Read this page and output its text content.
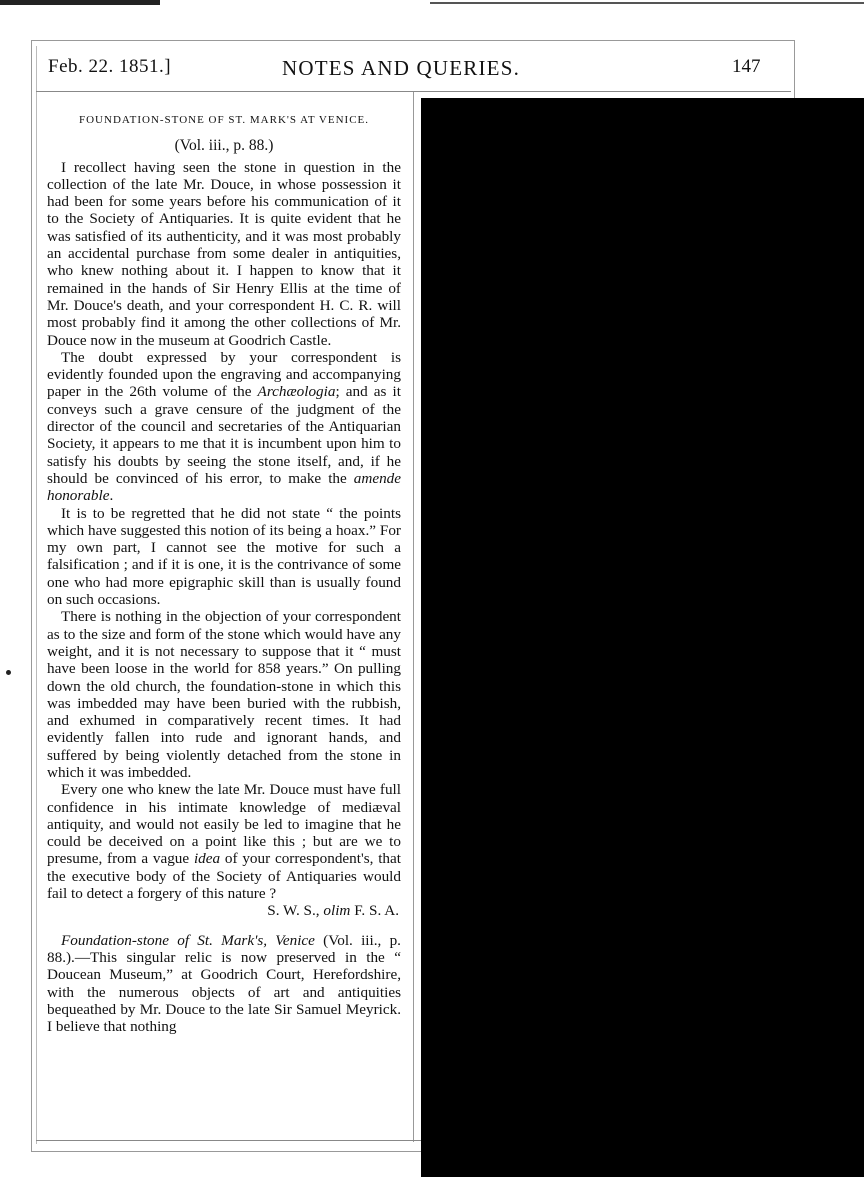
Feb. 22. 1851.]	NOTES AND QUERIES.	147
FOUNDATION-STONE OF ST. MARK'S AT VENICE.
(Vol. iii., p. 88.)

I recollect having seen the stone in question in the collection of the late Mr. Douce, in whose possession it had been for some years before his communication of it to the Society of Antiquaries. It is quite evident that he was satisfied of its authenticity, and it was most probably an accidental purchase from some dealer in antiquities, who knew nothing about it. I happen to know that it remained in the hands of Sir Henry Ellis at the time of Mr. Douce's death, and your correspondent H. C. R. will most probably find it among the other collections of Mr. Douce now in the museum at Goodrich Castle.

The doubt expressed by your correspondent is evidently founded upon the engraving and accompanying paper in the 26th volume of the Archæologia; and as it conveys such a grave censure of the judgment of the director of the council and secretaries of the Antiquarian Society, it appears to me that it is incumbent upon him to satisfy his doubts by seeing the stone itself, and, if he should be convinced of his error, to make the amende honorable.

It is to be regretted that he did not state “ the points which have suggested this notion of its being a hoax.” For my own part, I cannot see the motive for such a falsification ; and if it is one, it is the contrivance of some one who had more epigraphic skill than is usually found on such occasions.

There is nothing in the objection of your correspondent as to the size and form of the stone which would have any weight, and it is not necessary to suppose that it “ must have been loose in the world for 858 years.” On pulling down the old church, the foundation-stone in which this was imbedded may have been buried with the rubbish, and exhumed in comparatively recent times. It had evidently fallen into rude and ignorant hands, and suffered by being violently detached from the stone in which it was imbedded.

Every one who knew the late Mr. Douce must have full confidence in his intimate knowledge of mediæval antiquity, and would not easily be led to imagine that he could be deceived on a point like this ; but are we to presume, from a vague idea of your correspondent's, that the executive body of the Society of Antiquaries would fail to detect a forgery of this nature ?

S. W. S., olim F. S. A.

Foundation-stone of St. Mark's, Venice (Vol. iii., p. 88.).—This singular relic is now preserved in the “ Doucean Museum,” at Goodrich Court, Herefordshire, with the numerous objects of art and antiquities bequeathed by Mr. Douce to the late Sir Samuel Meyrick. I believe that nothing
